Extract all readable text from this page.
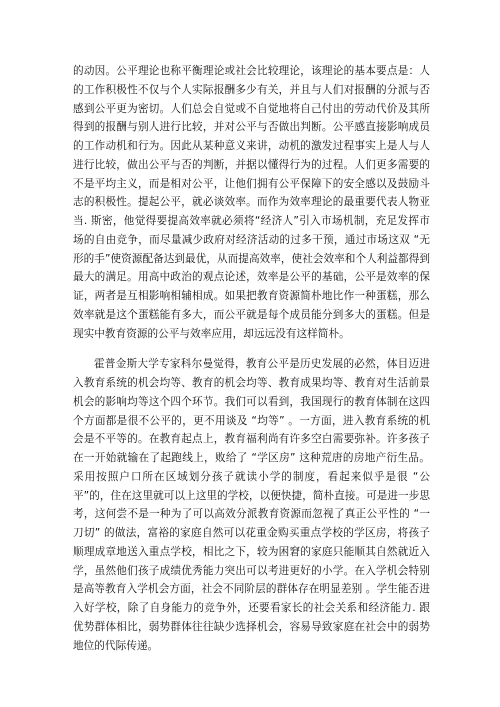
的动因。公平理论也称平衡理论或社会比较理论，该理论的基本要点是：人的工作积极性不仅与个人实际报酬多少有关，并且与人们对报酬的分派与否感到公平更为密切。人们总会自觉或不自觉地将自己付出的劳动代价及其所得到的报酬与别人进行比较，并对公平与否做出判断。公平感直接影响成员的工作动机和行为。因此从某种意义来讲，动机的激发过程事实上是人与人进行比较，做出公平与否的判断，并据以懂得行为的过程。人们更多需要的不是平均主义，而是相对公平，让他们拥有公平保障下的安全感以及鼓励斗志的积极性。提起公平，就必谈效率。而作为效率理论的最重要代表人物亚当. 斯密，他觉得要提高效率就必须将“经济人”引入市场机制，充足发挥市场的自由竞争，而尽量减少政府对经济活动的过多干预，通过市场这双 “无形的手”使资源配备达到最优，从而提高效率，使社会效率和个人利益都得到最大的满足。用高中政治的观点论述，效率是公平的基础，公平是效率的保证，两者是互相影响相辅相成。如果把教育资源简朴地比作一种蛋糕，那么效率就是这个蛋糕能有多大，而公平就是每个成员能分到多大的蛋糕。但是现实中教育资源的公平与效率应用，却远远没有这样简朴。

霍普金斯大学专家科尔曼觉得，教育公平是历史发展的必然，体目迈进入教育系统的机会均等、教育的机会均等、教育成果均等、教育对生活前景机会的影响均等这个四个环节。我们可以看到，我国现行的教育体制在这四个方面都是很不公平的，更不用谈及 “均等” 。一方面，进入教育系统的机会是不平等的。在教育起点上，教育福利尚有许多空白需要弥补。许多孩子在一开始就输在了起跑线上，败给了 “学区房” 这种荒唐的房地产衍生品。采用按照户口所在区域划分孩子就读小学的制度，看起来似乎是很 “公平”的，住在这里就可以上这里的学校，以便快捷，简朴直接。可是进一步思考，这何尝不是一种为了可以高效分派教育资源而忽视了真正公平性的 “一刀切” 的做法，富裕的家庭自然可以花重金购买重点学校的学区房，将孩子顺理成章地送入重点学校，相比之下，较为困窘的家庭只能顺其自然就近入学，虽然他们孩子成绩优秀能力突出可以考进更好的小学。在入学机会特别是高等教育入学机会方面，社会不同阶层的群体存在明显差别 。学生能否进入好学校，除了自身能力的竞争外，还要看家长的社会关系和经济能力. 跟优势群体相比，弱势群体往往缺少选择机会，容易导致家庭在社会中的弱势地位的代际传递。
